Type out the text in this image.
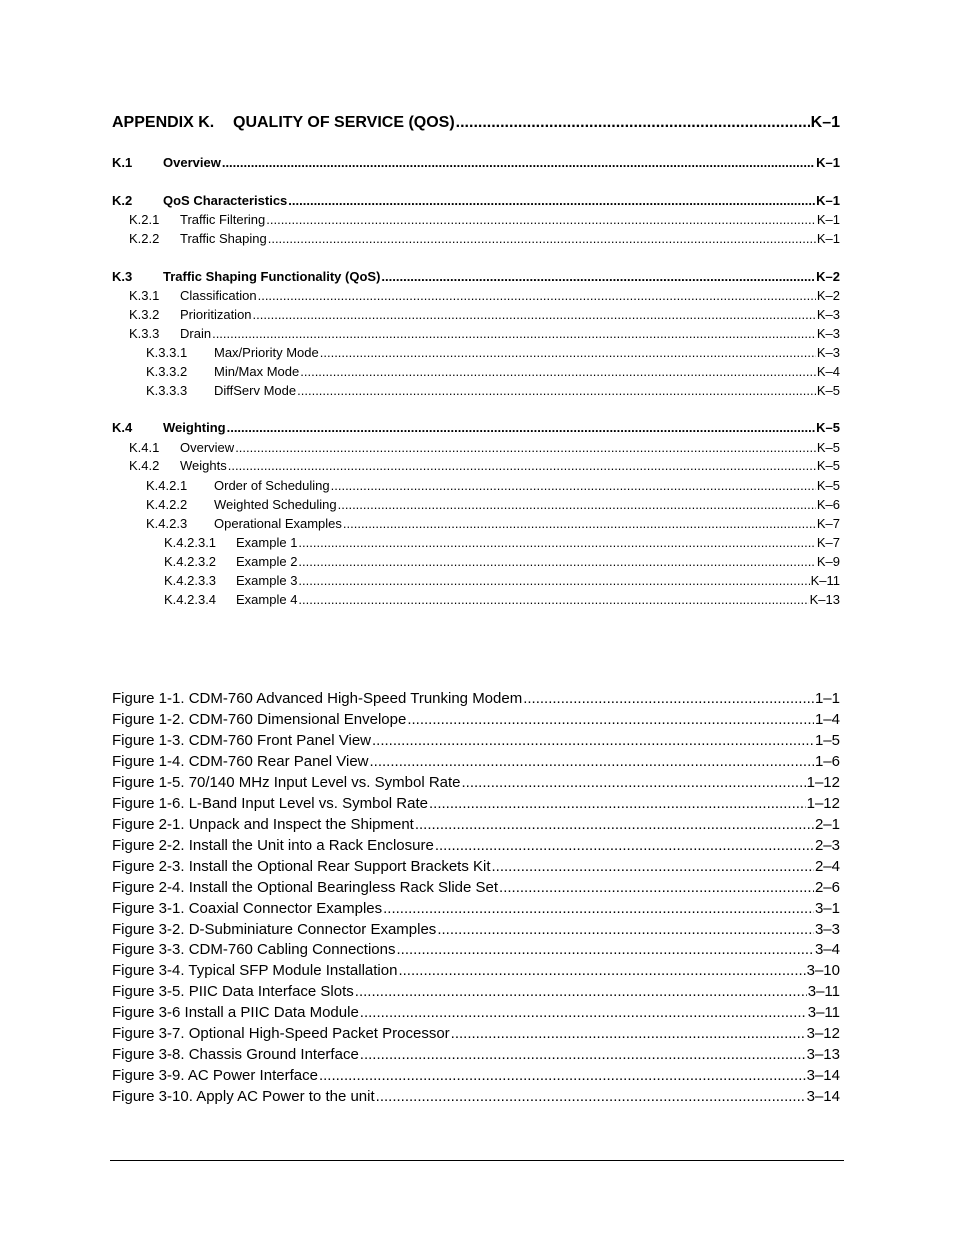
APPENDIX K.	QUALITY OF SERVICE (QOS) .....	K–1
K.1	Overview .....	K–1
K.2	QoS Characteristics .....	K–1
K.2.1	Traffic Filtering .....	K–1
K.2.2	Traffic Shaping .....	K–1
K.3	Traffic Shaping Functionality (QoS) .....	K–2
K.3.1	Classification .....	K–2
K.3.2	Prioritization .....	K–3
K.3.3	Drain .....	K–3
K.3.3.1	Max/Priority Mode .....	K–3
K.3.3.2	Min/Max Mode .....	K–4
K.3.3.3	DiffServ Mode .....	K–5
K.4	Weighting .....	K–5
K.4.1	Overview .....	K–5
K.4.2	Weights .....	K–5
K.4.2.1	Order of Scheduling .....	K–5
K.4.2.2	Weighted Scheduling .....	K–6
K.4.2.3	Operational Examples .....	K–7
K.4.2.3.1	Example 1 .....	K–7
K.4.2.3.2	Example 2 .....	K–9
K.4.2.3.3	Example 3 .....	K–11
K.4.2.3.4	Example 4 .....	K–13
Figure 1-1. CDM-760 Advanced High-Speed Trunking Modem .....	1–1
Figure 1-2. CDM-760 Dimensional Envelope .....	1–4
Figure 1-3. CDM-760 Front Panel View .....	1–5
Figure 1-4. CDM-760 Rear Panel View .....	1–6
Figure 1-5. 70/140 MHz Input Level vs. Symbol Rate .....	1–12
Figure 1-6. L-Band Input Level vs. Symbol Rate .....	1–12
Figure 2-1. Unpack and Inspect the Shipment .....	2–1
Figure 2-2. Install the Unit into a Rack Enclosure .....	2–3
Figure 2-3. Install the Optional Rear Support Brackets Kit .....	2–4
Figure 2-4. Install the Optional Bearingless Rack Slide Set .....	2–6
Figure 3-1. Coaxial Connector Examples .....	3–1
Figure 3-2. D-Subminiature Connector Examples .....	3–3
Figure 3-3. CDM-760 Cabling Connections .....	3–4
Figure 3-4. Typical SFP Module Installation .....	3–10
Figure 3-5. PIIC Data Interface Slots .....	3–11
Figure 3-6 Install a PIIC Data Module .....	3–11
Figure 3-7. Optional High-Speed Packet Processor .....	3–12
Figure 3-8. Chassis Ground Interface .....	3–13
Figure 3-9. AC Power Interface .....	3–14
Figure 3-10. Apply AC Power to the unit .....	3–14
